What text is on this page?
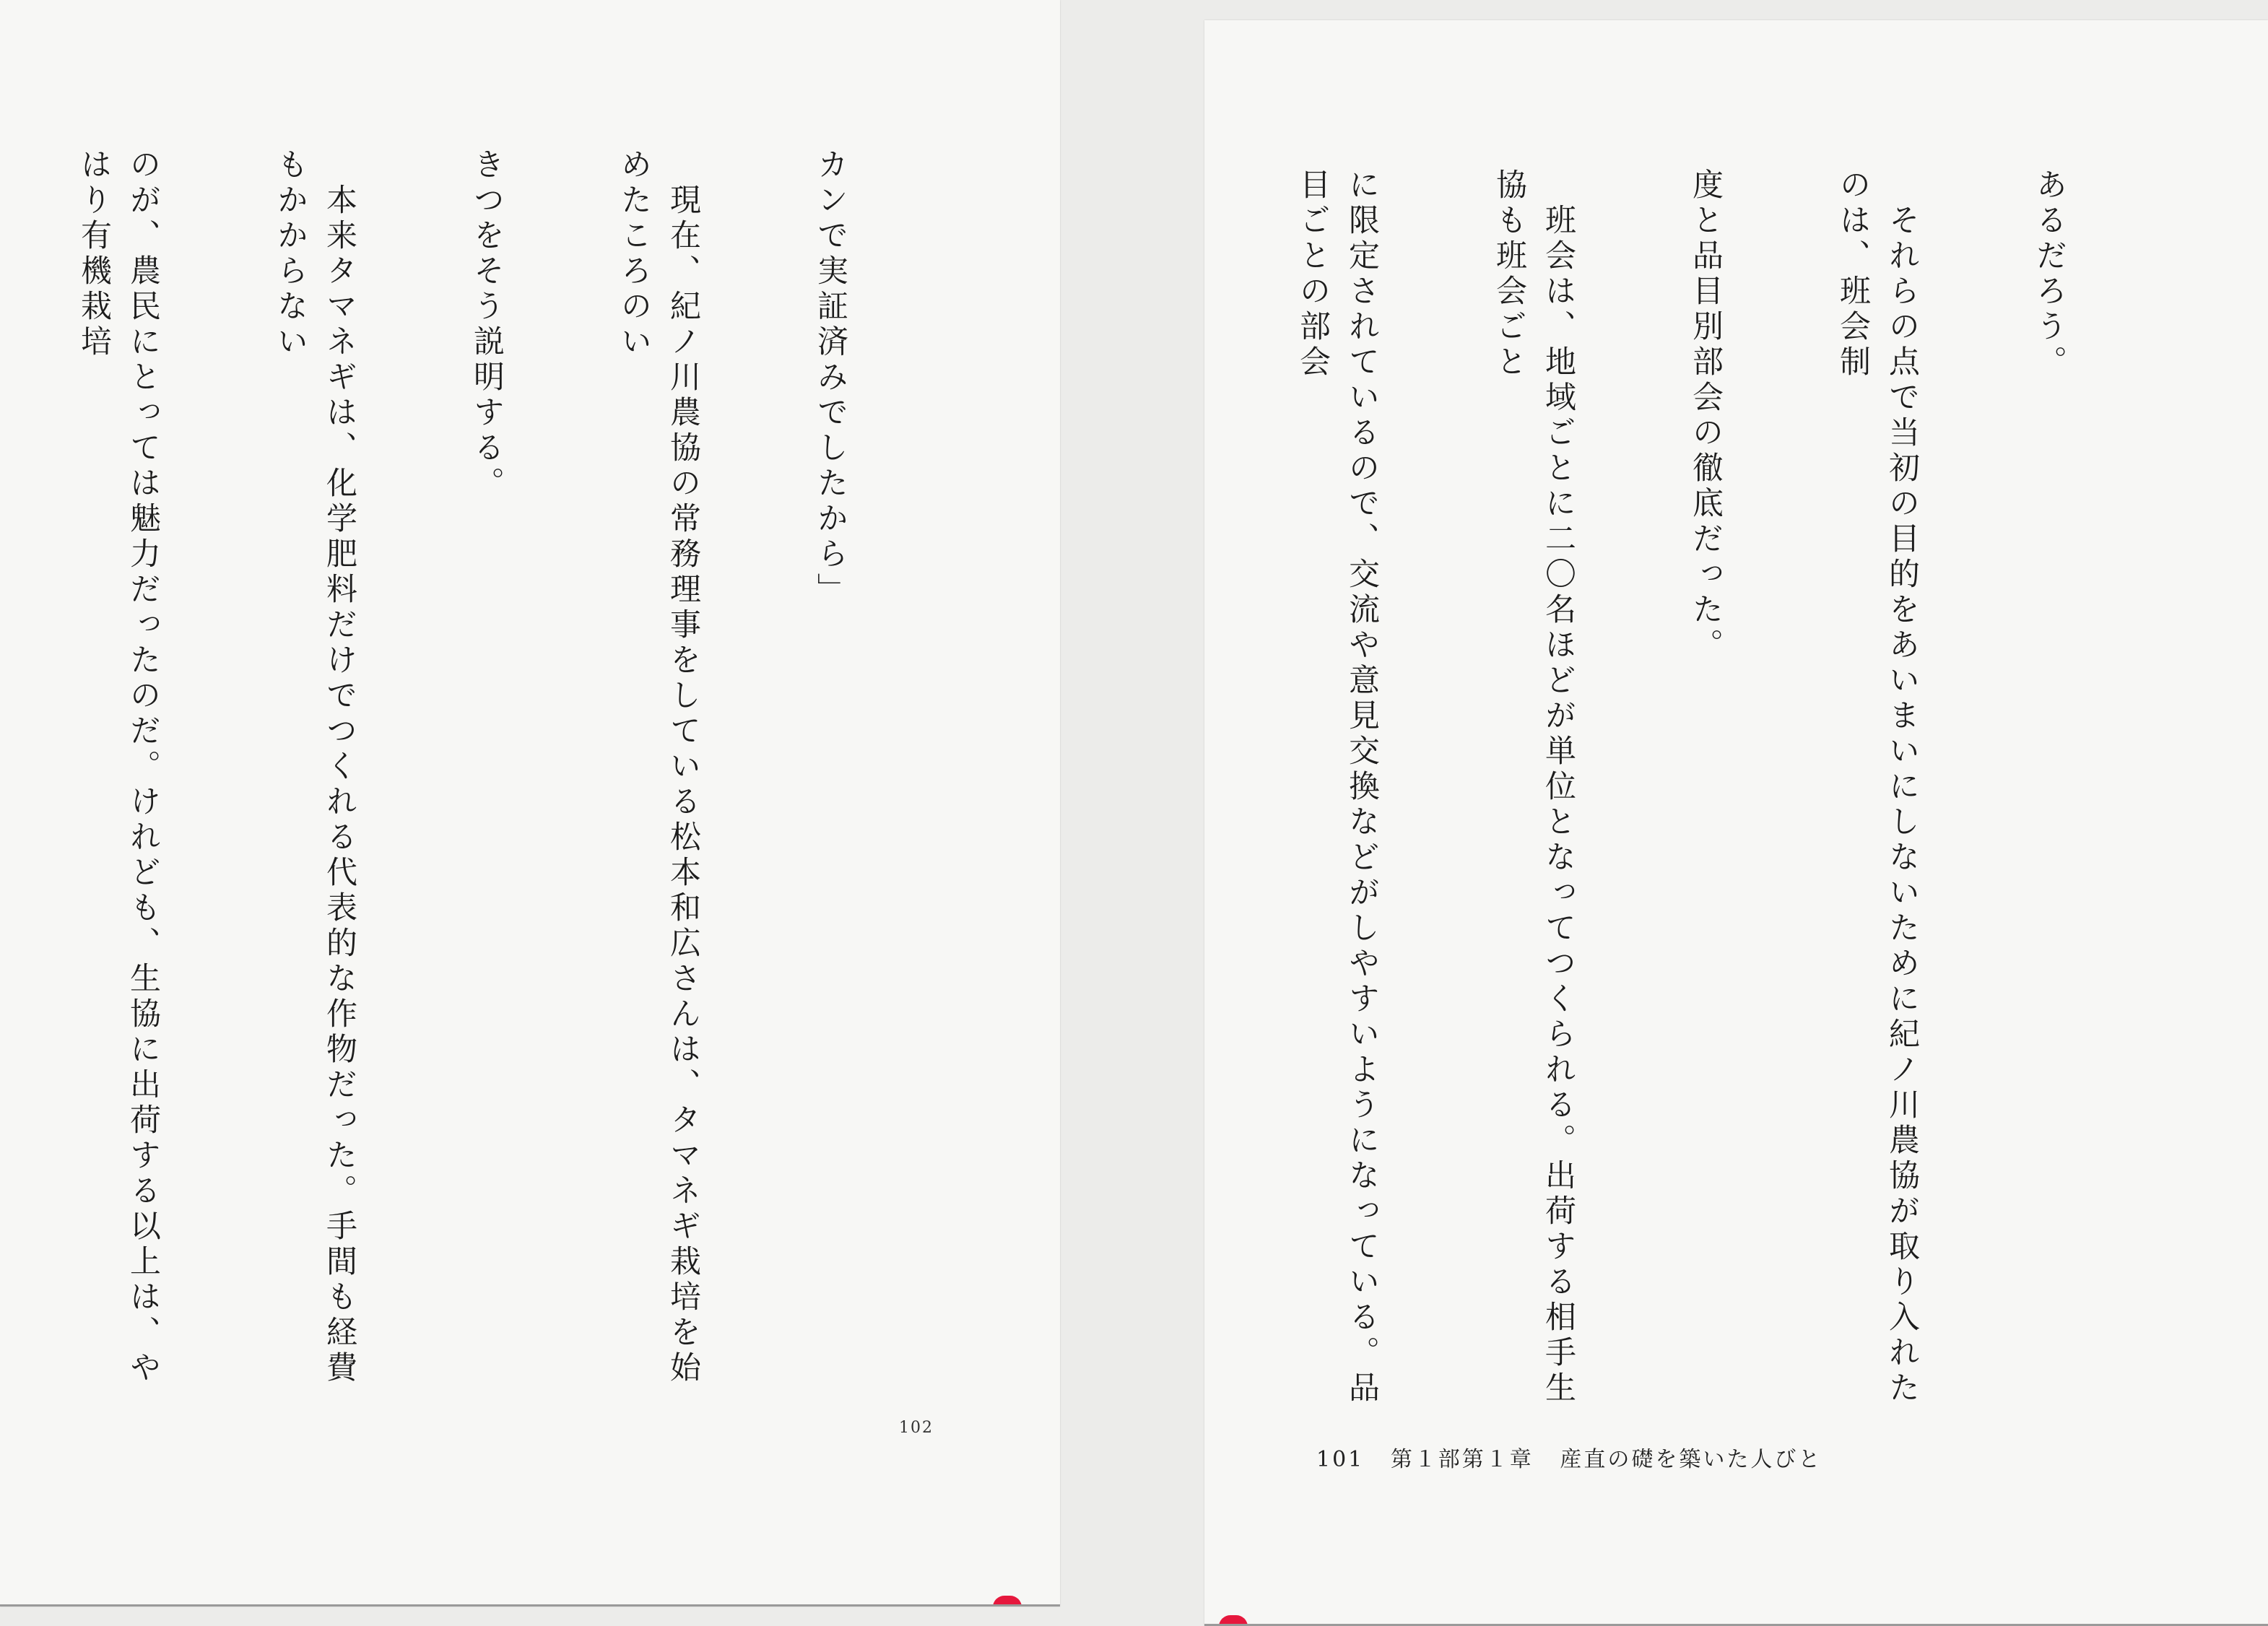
カンで実証済みでしたから」

　現在、紀ノ川農協の常務理事をしている松本和広さんは、タマネギ栽培を始めたころのい

きつをそう説明する。

　本来タマネギは、化学肥料だけでつくれる代表的な作物だった。手間も経費もかからない

のが、農民にとっては魅力だったのだ。けれども、生協に出荷する以上は、やはり有機栽培

102

あるだろう。

　それらの点で当初の目的をあいまいにしないために紀ノ川農協が取り入れたのは、班会制

度と品目別部会の徹底だった。

　班会は、地域ごとに二〇名ほどが単位となってつくられる。出荷する相手生協も班会ごと

に限定されているので、交流や意見交換などがしやすいようになっている。品目ごとの部会

101 第１部第１章 産直の礎を築いた人びと
